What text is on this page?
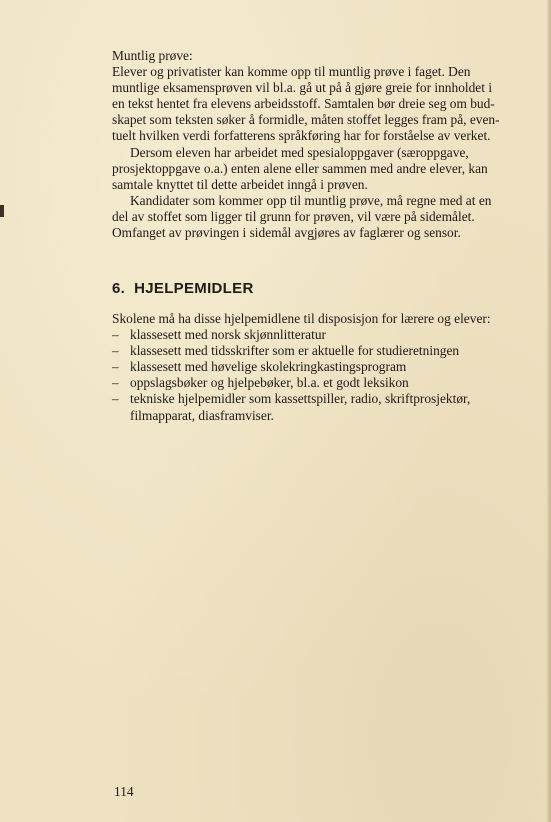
Muntlig prøve:
Elever og privatister kan komme opp til muntlig prøve i faget. Den
muntlige eksamensprøven vil bl.a. gå ut på å gjøre greie for innholdet i
en tekst hentet fra elevens arbeidsstoff. Samtalen bør dreie seg om bud-
skapet som teksten søker å formidle, måten stoffet legges fram på, even-
tuelt hvilken verdi forfatterens språkføring har for forståelse av verket.
Dersom eleven har arbeidet med spesialoppgaver (særoppgave,
prosjektoppgave o.a.) enten alene eller sammen med andre elever, kan
samtale knyttet til dette arbeidet inngå i prøven.
Kandidater som kommer opp til muntlig prøve, må regne med at en
del av stoffet som ligger til grunn for prøven, vil være på sidemålet.
Omfanget av prøvingen i sidemål avgjøres av faglærer og sensor.
6. HJELPEMIDLER
Skolene må ha disse hjelpemidlene til disposisjon for lærere og elever:
– klassesett med norsk skjønnlitteratur
– klassesett med tidsskrifter som er aktuelle for studieretningen
– klassesett med høvelige skolekringkastingsprogram
– oppslagsbøker og hjelpebøker, bl.a. et godt leksikon
– tekniske hjelpemidler som kassettspiller, radio, skriftprosjektør,
filmapparat, diasframviser.
114
